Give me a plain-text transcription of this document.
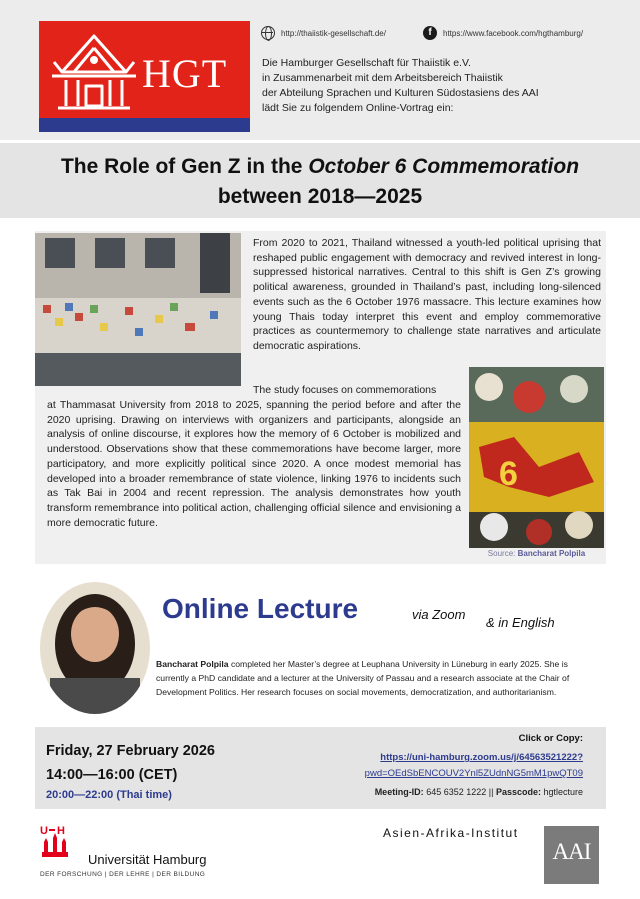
HGT
http://thaiistik-gesellschaft.de/	f	https://www.facebook.com/hgthamburg/

Die Hamburger Gesellschaft für Thaiistik e.V.

in Zusammenarbeit mit dem Arbeitsbereich Thaiistik

der Abteilung Sprachen und Kulturen Südostasiens des AAI

lädt Sie zu folgendem Online-Vortrag ein:

The Role of Gen Z in the October 6 Commemoration
between 2018—2025
From 2020 to 2021, Thailand witnessed a youth-led political uprising that reshaped public engagement with democracy and revived interest in long-suppressed historical narratives. Central to this shift is Gen Z’s growing political awareness, grounded in Thailand’s past, including long-silenced events such as the 6 October 1976 massacre. This lecture examines how young Thais today interpret this event and employ commemorative practices as countermemory to challenge state narratives and articulate democratic aspirations.
The study focuses on commemorations
at Thammasat University from 2018 to 2025, spanning the period before and after the 2020 uprising. Drawing on interviews with organizers and participants, alongside an analysis of online discourse, it explores how the memory of 6 October is mobilized and understood. Observations show that these commemorations have become larger, more participatory, and more explicitly political since 2020. A once modest memorial has developed into a broader remembrance of state violence, linking 1976 to incidents such as Tak Bai in 2004 and recent repression. The analysis demonstrates how youth transform remembrance into political action, challenging official silence and envisioning a more democratic future.
6
Source: Bancharat Polpila
Online Lecture	via Zoom
& in English
Bancharat Polpila completed her Master’s degree at Leuphana University in Lüneburg in early 2025. She is currently a PhD candidate and a lecturer at the University of Passau and a research associate at the Chair of Development Politics. Her research focuses on social movements, democratization, and authoritarianism.
Friday, 27 February 2026
14:00—16:00 (CET)
20:00—22:00 (Thai time)
Click or Copy:
https://uni-hamburg.zoom.us/j/64563521222?
pwd=OEdSbENCOUV2Ynl5ZUdnNG5mM1pwQT09
Meeting-ID: 645 6352 1222 || Passcode: hgtlecture
U H
Universität Hamburg
DER FORSCHUNG | DER LEHRE | DER BILDUNG
Asien-Afrika-Institut
AAI
